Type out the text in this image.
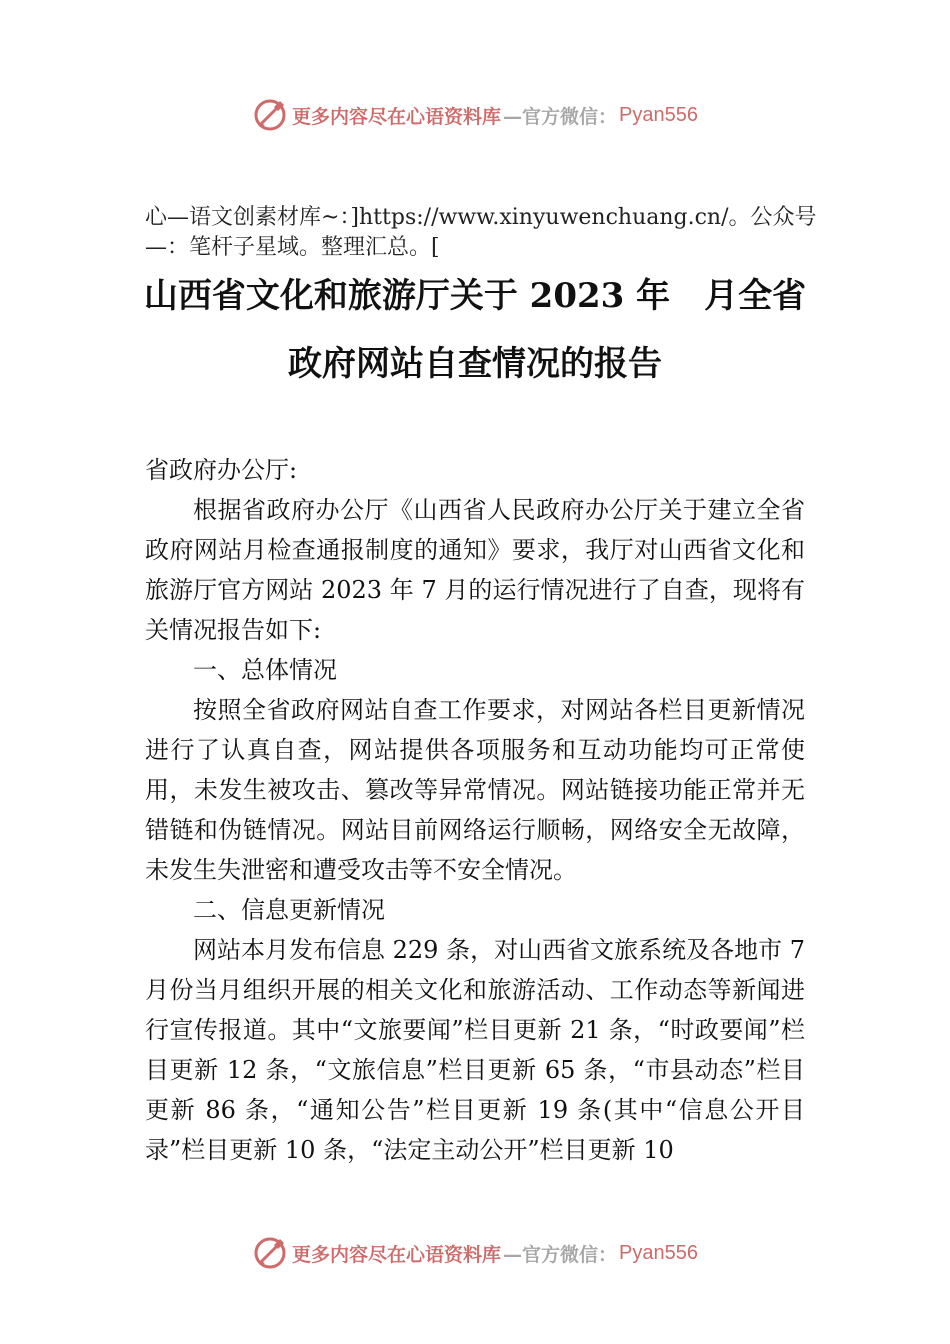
更多内容尽在心语资料库 —官方微信： Pyan556
心—语文创素材库~：]https://www.xinyuwenchuang.cn/。公众号—：笔杆子星域。整理汇总。[
山西省文化和旅游厅关于 2023 年　月全省
政府网站自查情况的报告

省政府办公厅:

根据省政府办公厅《山西省人民政府办公厅关于建立全省政府网站月检查通报制度的通知》要求，我厅对山西省文化和旅游厅官方网站 2023 年 7 月的运行情况进行了自查，现将有关情况报告如下:

一、总体情况

按照全省政府网站自查工作要求，对网站各栏目更新情况进行了认真自查，网站提供各项服务和互动功能均可正常使用，未发生被攻击、篡改等异常情况。网站链接功能正常并无错链和伪链情况。网站目前网络运行顺畅，网络安全无故障，未发生失泄密和遭受攻击等不安全情况。

二、信息更新情况

网站本月发布信息 229 条，对山西省文旅系统及各地市 7 月份当月组织开展的相关文化和旅游活动、工作动态等新闻进行宣传报道。其中“文旅要闻”栏目更新 21 条，“时政要闻”栏目更新 12 条，“文旅信息”栏目更新 65 条，“市县动态”栏目更新 86 条，“通知公告”栏目更新 19 条(其中“信息公开目录”栏目更新 10 条，“法定主动公开”栏目更新 10

更多内容尽在心语资料库 —官方微信： Pyan556
